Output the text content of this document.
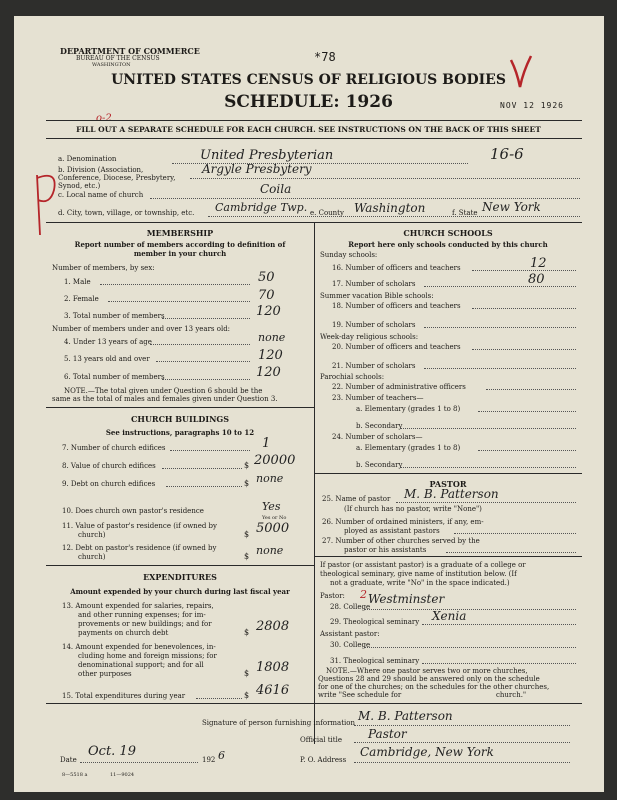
DEPARTMENT OF COMMERCE
BUREAU OF THE CENSUS
WASHINGTON
UNITED STATES CENSUS OF RELIGIOUS BODIES
SCHEDULE: 1926
*78
NOV 12 1926
o-2
FILL OUT A SEPARATE SCHEDULE FOR EACH CHURCH. SEE INSTRUCTIONS ON THE BACK OF THIS SHEET
a. Denomination	United Presbyterian	16-6
b. Division (Association, Conference, Diocese, Presbytery, Synod, etc.)
Argyle Presbytery
c. Local name of church	Coila
d. City, town, village, or township, etc. Cambridge Twp. e. County Washington	f. State New York
MEMBERSHIP
Report number of members according to definition of
member in your church
Number of members, by sex:
1. Male	50
2. Female	70
3. Total number of members	120
Number of members under and over 13 years old:
4. Under 13 years of age	none
5. 13 years old and over	120
6. Total number of members	120
NOTE.—The total given under Question 6 should be the
same as the total of males and females given under Question 3.
CHURCH BUILDINGS
See instructions, paragraphs 10 to 12
7. Number of church edifices	1
8. Value of church edifices	$ 20000
9. Debt on church edifices	$ none
10. Does church own pastor's residence	Yes
Yes or No
11. Value of pastor's residence (if owned by
church)	$ 5000
12. Debt on pastor's residence (if owned by
church)	$ none
EXPENDITURES
Amount expended by your church during last fiscal year
13. Amount expended for salaries, repairs,
and other running expenses; for im-
provements or new buildings; and for
payments on church debt	$ 2808
14. Amount expended for benevolences, in-
cluding home and foreign missions; for
denominational support; and for all
other purposes	$ 1808
15. Total expenditures during year	$ 4616
CHURCH SCHOOLS
Report here only schools conducted by this church
Sunday schools:
16. Number of officers and teachers	12
17. Number of scholars	80
Summer vacation Bible schools:
18. Number of officers and teachers
19. Number of scholars
Week-day religious schools:
20. Number of officers and teachers
21. Number of scholars
Parochial schools:
22. Number of administrative officers
23. Number of teachers—
a. Elementary (grades 1 to 8)
b. Secondary
24. Number of scholars—
a. Elementary (grades 1 to 8)
b. Secondary
PASTOR
25. Name of pastor M. B. Patterson
(If church has no pastor, write "None")
26. Number of ordained ministers, if any, em-
ployed as assistant pastors
27. Number of other churches served by the
pastor or his assistants
If pastor (or assistant pastor) is a graduate of a college or
theological seminary, give name of institution below. (If
not a graduate, write "No" in the space indicated.)
Pastor: 2
28. College
Westminster
29. Theological seminary Xenia
Assistant pastor:
30. College
31. Theological seminary
NOTE.—Where one pastor serves two or more churches,
Questions 28 and 29 should be answered only on the schedule
for one of the churches; on the schedules for the other churches,
write "See schedule for	church."
Signature of person furnishing information M. B. Patterson
Official title Pastor
Date
Oct. 19
192 6	P. O. Address
Cambridge, New York
8—5518 a	11—9024
